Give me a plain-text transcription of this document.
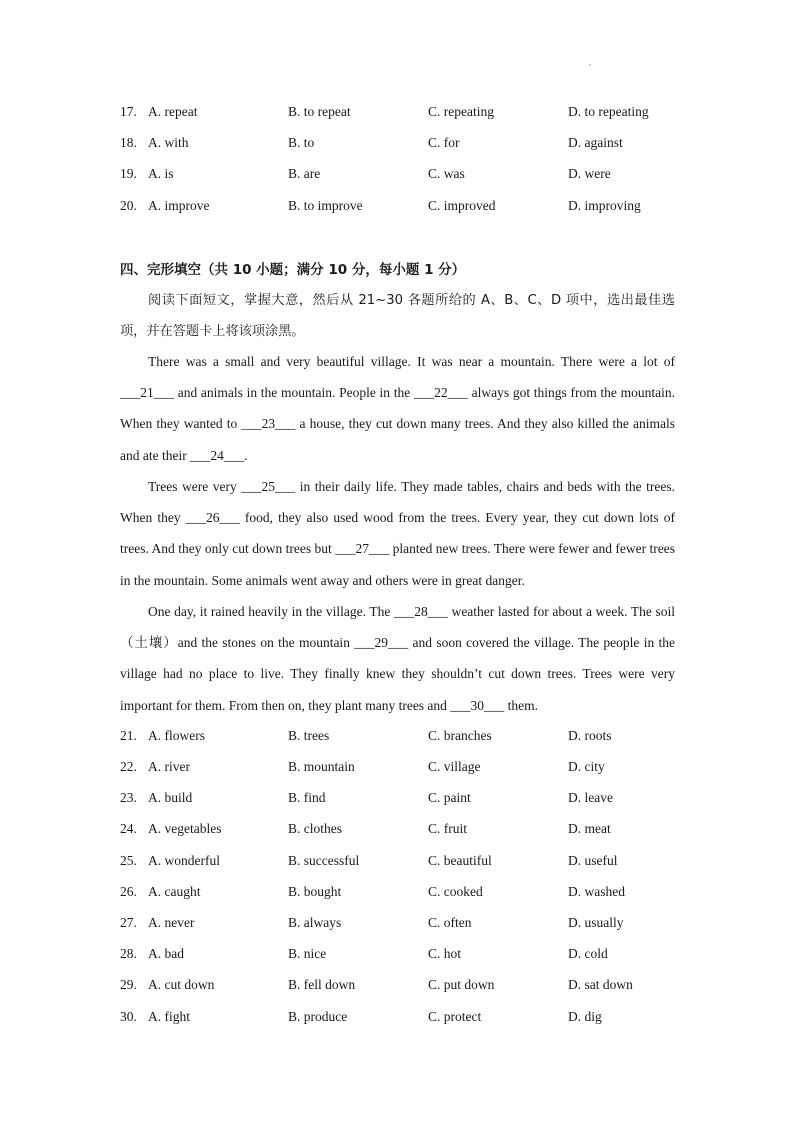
17. A. repeat	B. to repeat	C. repeating	D. to repeating
18. A. with	B. to	C. for	D. against
19. A. is	B. are	C. was	D. were
20. A. improve	B. to improve	C. improved	D. improving
四、完形填空（共 10 小题；满分 10 分，每小题 1 分）

阅读下面短文，掌握大意，然后从 21~30 各题所给的 A、B、C、D 项中，选出最佳选项，并在答题卡上将该项涂黑。

There was a small and very beautiful village. It was near a mountain. There were a lot of ___21___ and animals in the mountain. People in the ___22___ always got things from the mountain. When they wanted to ___23___ a house, they cut down many trees. And they also killed the animals and ate their ___24___.

Trees were very ___25___ in their daily life. They made tables, chairs and beds with the trees. When they ___26___ food, they also used wood from the trees. Every year, they cut down lots of trees. And they only cut down trees but ___27___ planted new trees. There were fewer and fewer trees in the mountain. Some animals went away and others were in great danger.

One day, it rained heavily in the village. The ___28___ weather lasted for about a week. The soil（土壤）and the stones on the mountain ___29___ and soon covered the village. The people in the village had no place to live. They finally knew they shouldn’t cut down trees. Trees were very important for them. From then on, they plant many trees and ___30___ them.

21. A. flowers	B. trees	C. branches	D. roots
22. A. river	B. mountain	C. village	D. city
23. A. build	B. find	C. paint	D. leave
24. A. vegetables	B. clothes	C. fruit	D. meat
25. A. wonderful	B. successful	C. beautiful	D. useful
26. A. caught	B. bought	C. cooked	D. washed
27. A. never	B. always	C. often	D. usually
28. A. bad	B. nice	C. hot	D. cold
29. A. cut down	B. fell down	C. put down	D. sat down
30. A. fight	B. produce	C. protect	D. dig
